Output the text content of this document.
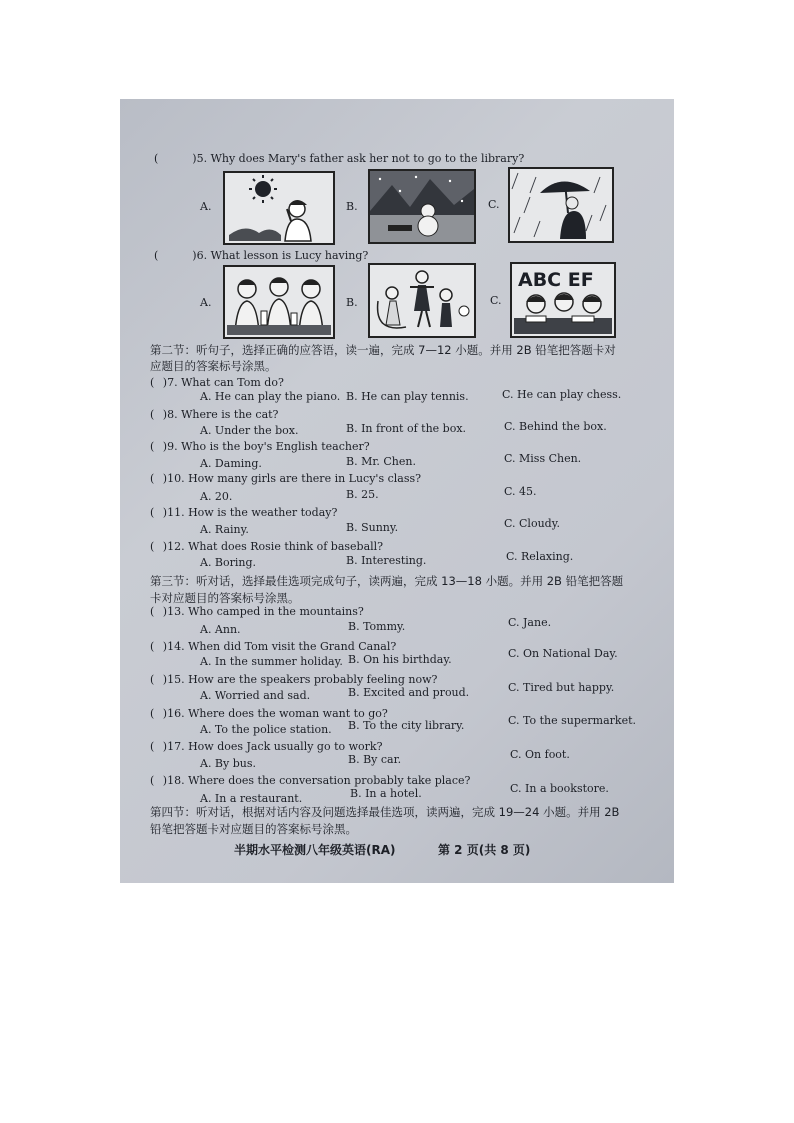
(	)5. Why does Mary's father ask her not to go to the library?
A.	B.	C.
(	)6. What lesson is Lucy having?
A.	B.	C.
ABC EF
第二节：听句子，选择正确的应答语，读一遍，完成 7—12 小题。并用 2B 铅笔把答题卡对
应题目的答案标号涂黑。
( )7. What can Tom do?
A. He can play the piano. B. He can play tennis.	C. He can play chess.
( )8. Where is the cat?
A. Under the box.	B. In front of the box.	C. Behind the box.
( )9. Who is the boy's English teacher?
A. Daming.	B. Mr. Chen.	C. Miss Chen.
( )10. How many girls are there in Lucy's class?
A. 20.	B. 25.	C. 45.
( )11. How is the weather today?
A. Rainy.	B. Sunny.	C. Cloudy.
( )12. What does Rosie think of baseball?
A. Boring.	B. Interesting.	C. Relaxing.
第三节：听对话，选择最佳选项完成句子，读两遍，完成 13—18 小题。并用 2B 铅笔把答题
卡对应题目的答案标号涂黑。
( )13. Who camped in the mountains?
A. Ann.	B. Tommy.	C. Jane.
( )14. When did Tom visit the Grand Canal?
A. In the summer holiday. B. On his birthday.	C. On National Day.
( )15. How are the speakers probably feeling now?
A. Worried and sad.	B. Excited and proud.	C. Tired but happy.
( )16. Where does the woman want to go?
A. To the police station. B. To the city library.	C. To the supermarket.
( )17. How does Jack usually go to work?
A. By bus.	B. By car.	C. On foot.
( )18. Where does the conversation probably take place?
A. In a restaurant.	B. In a hotel.	C. In a bookstore.
第四节：听对话，根据对话内容及问题选择最佳选项，读两遍，完成 19—24 小题。并用 2B
铅笔把答题卡对应题目的答案标号涂黑。
半期水平检测八年级英语(RA)	第 2 页(共 8 页)
